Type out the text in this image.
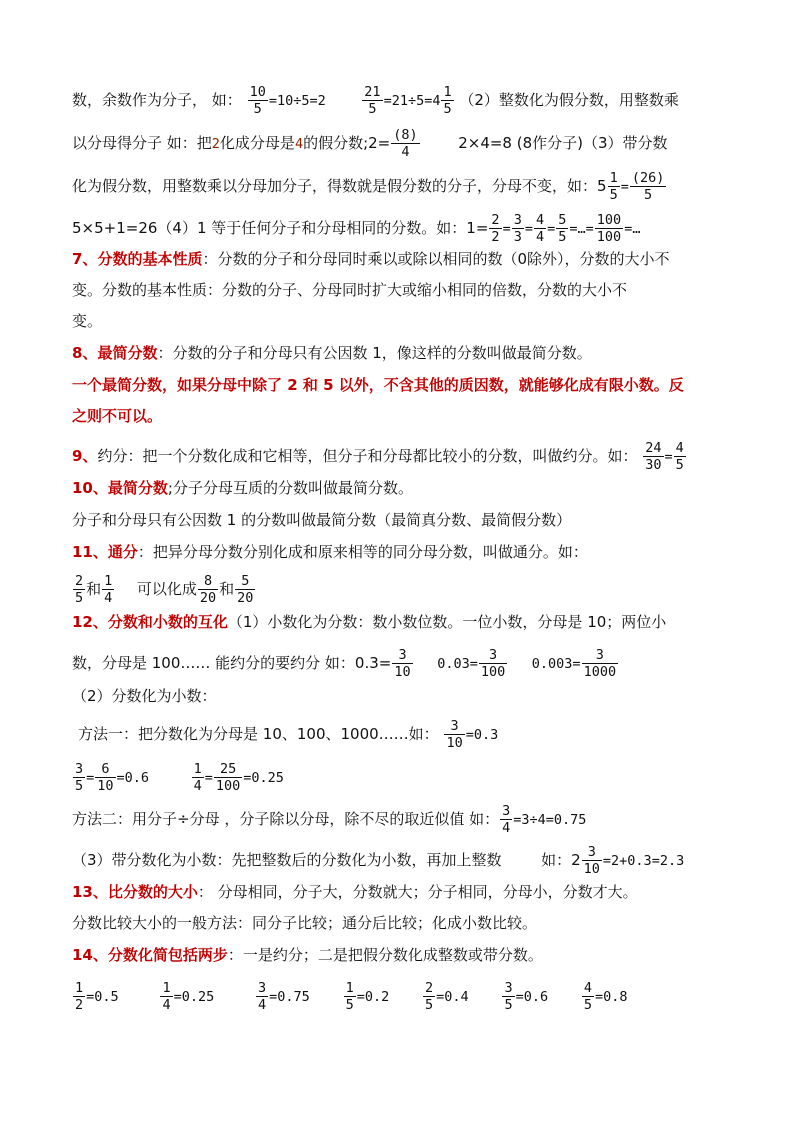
数，余数作为分子， 如： $\frac{10}{5} =10\div 5=2$	$\frac{21}{5} =21\div 5=4 \frac{1}{5} (2)$整数化为假分数，用整数乘
以分母得分子 如：把2化成分母是4的假分数;2= $\frac{(8)}{4}$	2×4=8 (8作分子)（3）带分数
化为假分数，用整数乘以分母加分子，得数就是假分数的分子，分母不变，如：$5 \frac{1}{5} = \frac{(26)}{5}$
5×5+1=26（4）1 等于任何分子和分母相同的分数。如：$1= \frac{2}{2} = \frac{3}{3} = \frac{4}{4} = \frac{5}{5}$ =…= $\frac{100}{100}$ =…
7、分数的基本性质：分数的分子和分母同时乘以或除以相同的数（0除外），分数的大小不
变。分数的基本性质：分数的分子、分母同时扩大或缩小相同的倍数，分数的大小不
变。
8、最简分数：分数的分子和分母只有公因数 1，像这样的分数叫做最简分数。
一个最简分数，如果分母中除了 2 和 5 以外，不含其他的质因数，就能够化成有限小数。反
之则不可以。
9、约分：把一个分数化成和它相等，但分子和分母都比较小的分数，叫做约分。如： $\frac{24}{30} = \frac{4}{5}$
10、最简分数;分子分母互质的分数叫做最简分数。
分子和分母只有公因数 1 的分数叫做最简分数（最简真分数、最简假分数）
11、通分：把异分母分数分别化成和原来相等的同分母分数，叫做通分。如：
$\frac{2}{5}$ 和 $\frac{1}{4}$ 可以化成 $\frac{8}{20}$ 和 $\frac{5}{20}$
12、分数和小数的互化（1）小数化为分数：数小数位数。一位小数，分母是 10；两位小
数，分母是 100…… 能约分的要约分 如：$0.3= \frac{3}{10} 0.03= \frac{3}{100} 0.003= \frac{3}{1000}$
（2）分数化为小数：
方法一：把分数化为分母是 10、100、1000……如： $\frac{3}{10} =0.3$
$\frac{3}{5} = \frac{6}{10} =0.6$	$\frac{1}{4} = \frac{25}{100} =0.25$
方法二：用分子÷分母 ，分子除以分母，除不尽的取近似值 如： $\frac{3}{4} =3\div 4=0.75$
（3）带分数化为小数：先把整数后的分数化为小数，再加上整数	如：$2 \frac{3}{10} =2+0.3=2.3$
13、比分数的大小： 分母相同，分子大，分数就大；分子相同，分母小，分数才大。
分数比较大小的一般方法：同分子比较；通分后比较；化成小数比较。
14、分数化简包括两步：一是约分；二是把假分数化成整数或带分数。
$\frac{1}{2} =0.5$	$\frac{1}{4} =0.25$	$\frac{3}{4} =0.75$	$\frac{1}{5} =0.2$	$\frac{2}{5} =0.4$	$\frac{3}{5} =0.6$	$\frac{4}{5} =0.8$
